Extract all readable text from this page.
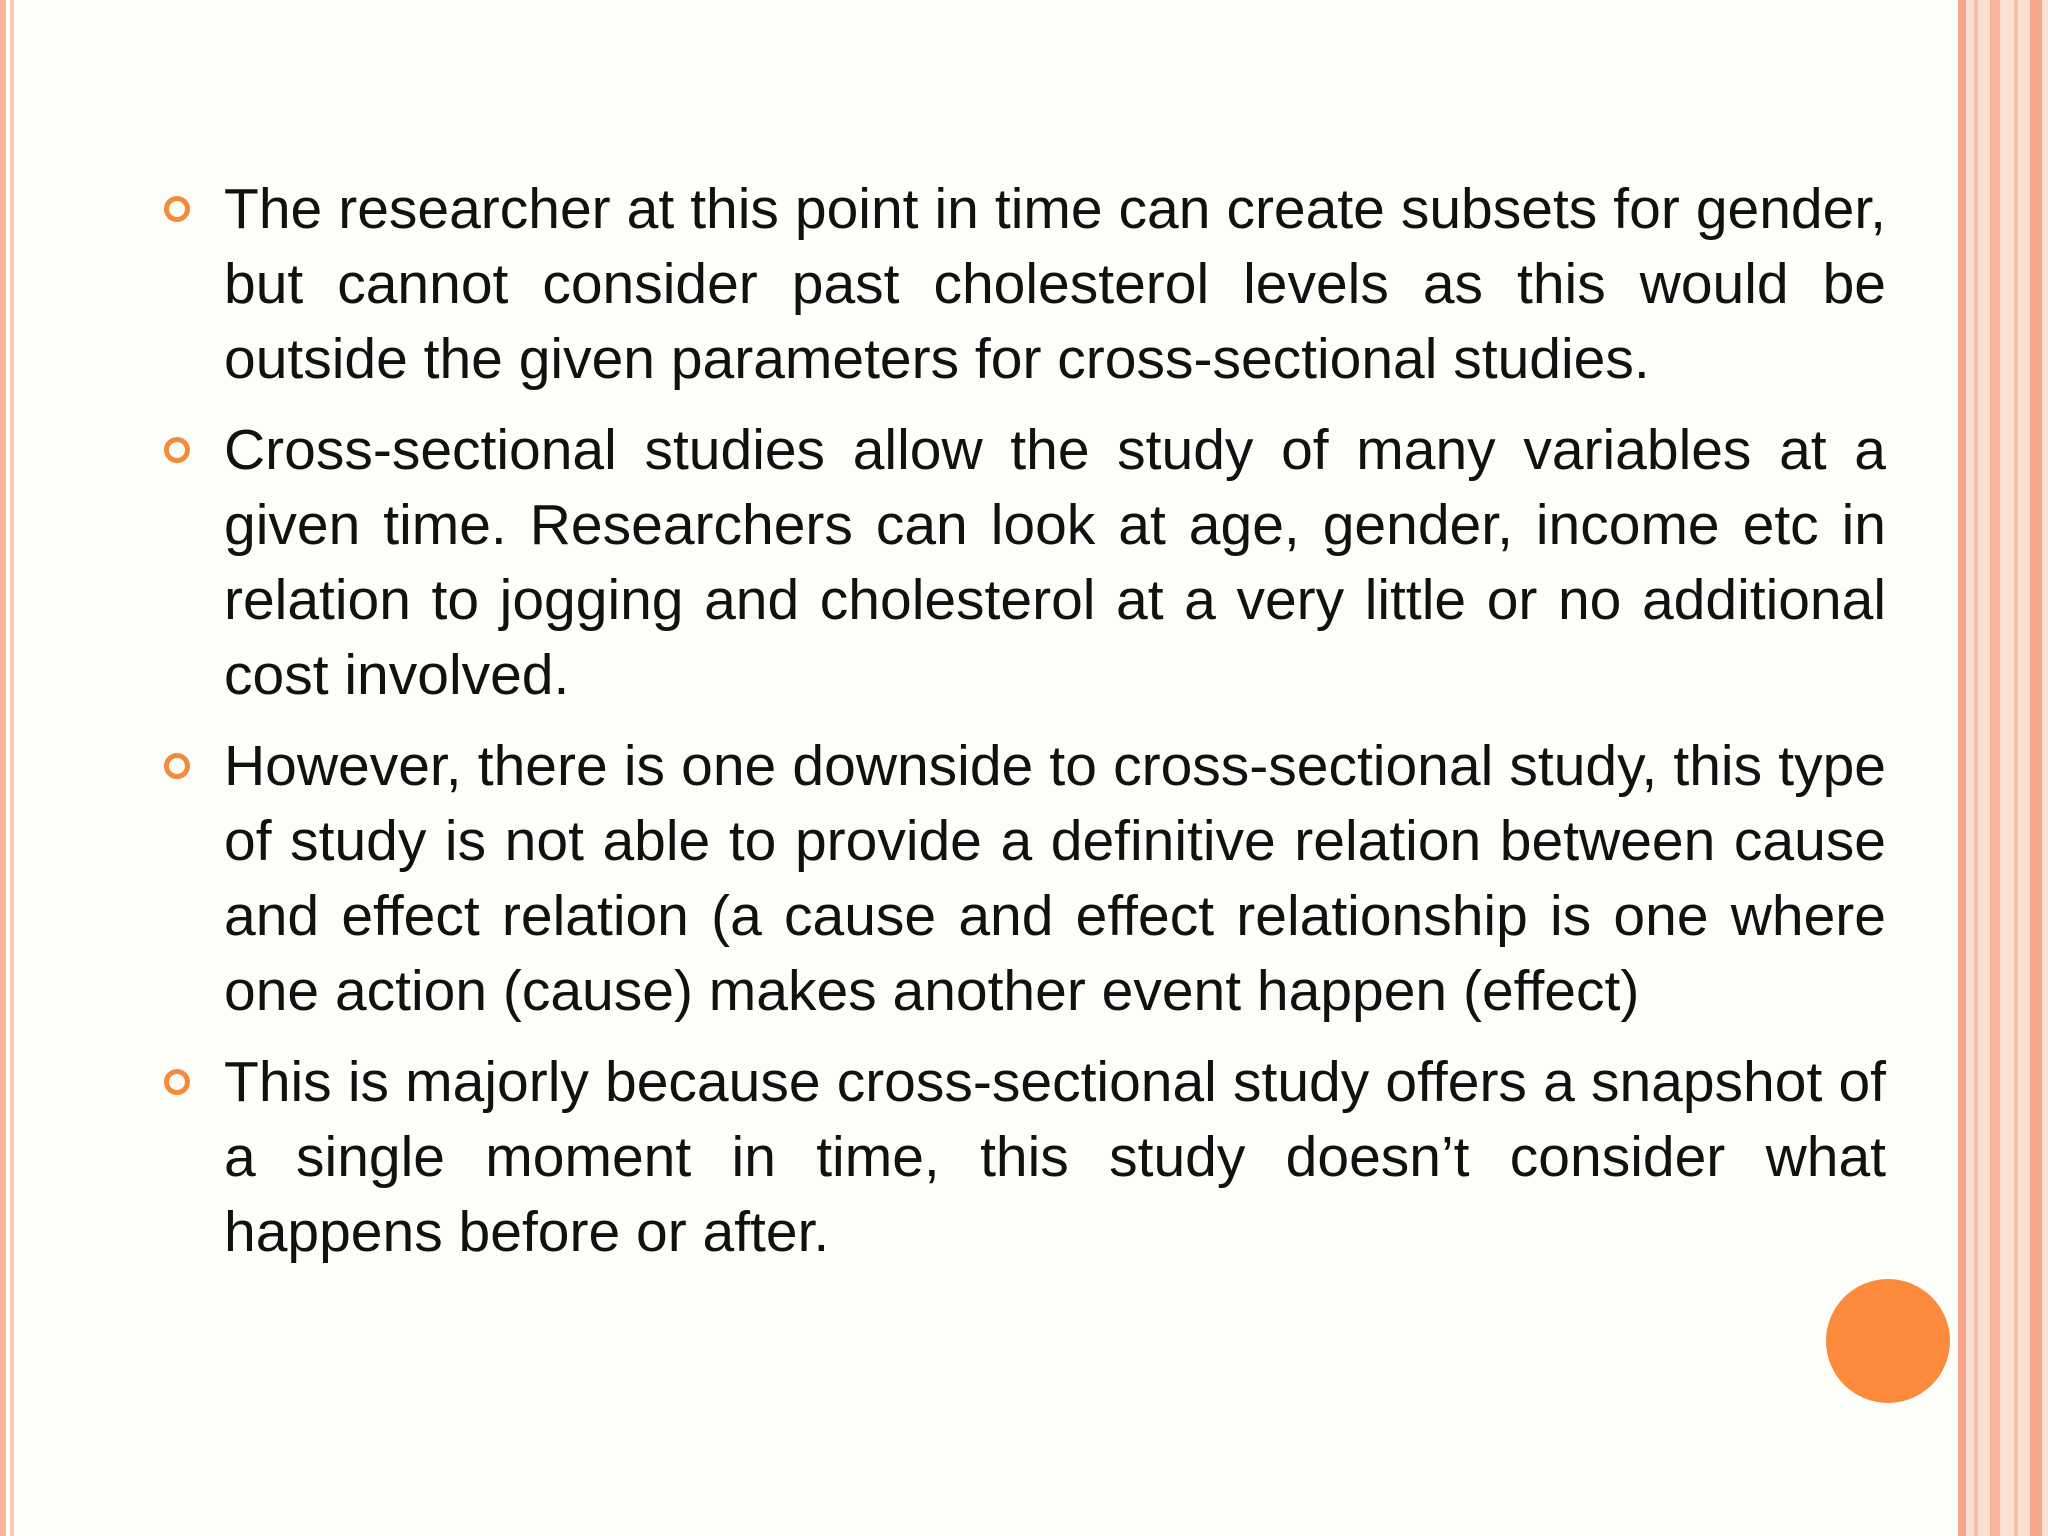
The researcher at this point in time can create subsets for gender, but cannot consider past cholesterol levels as this would be outside the given parameters for cross-sectional studies.

Cross-sectional studies allow the study of many variables at a given time. Researchers can look at age, gender, income etc in relation to jogging and cholesterol at a very little or no additional cost involved.

However, there is one downside to cross-sectional study, this type of study is not able to provide a definitive relation between cause and effect relation (a cause and effect relationship is one where one action (cause) makes another event happen (effect)

This is majorly because cross-sectional study offers a snapshot of a single moment in time, this study doesn’t consider what happens before or after.
